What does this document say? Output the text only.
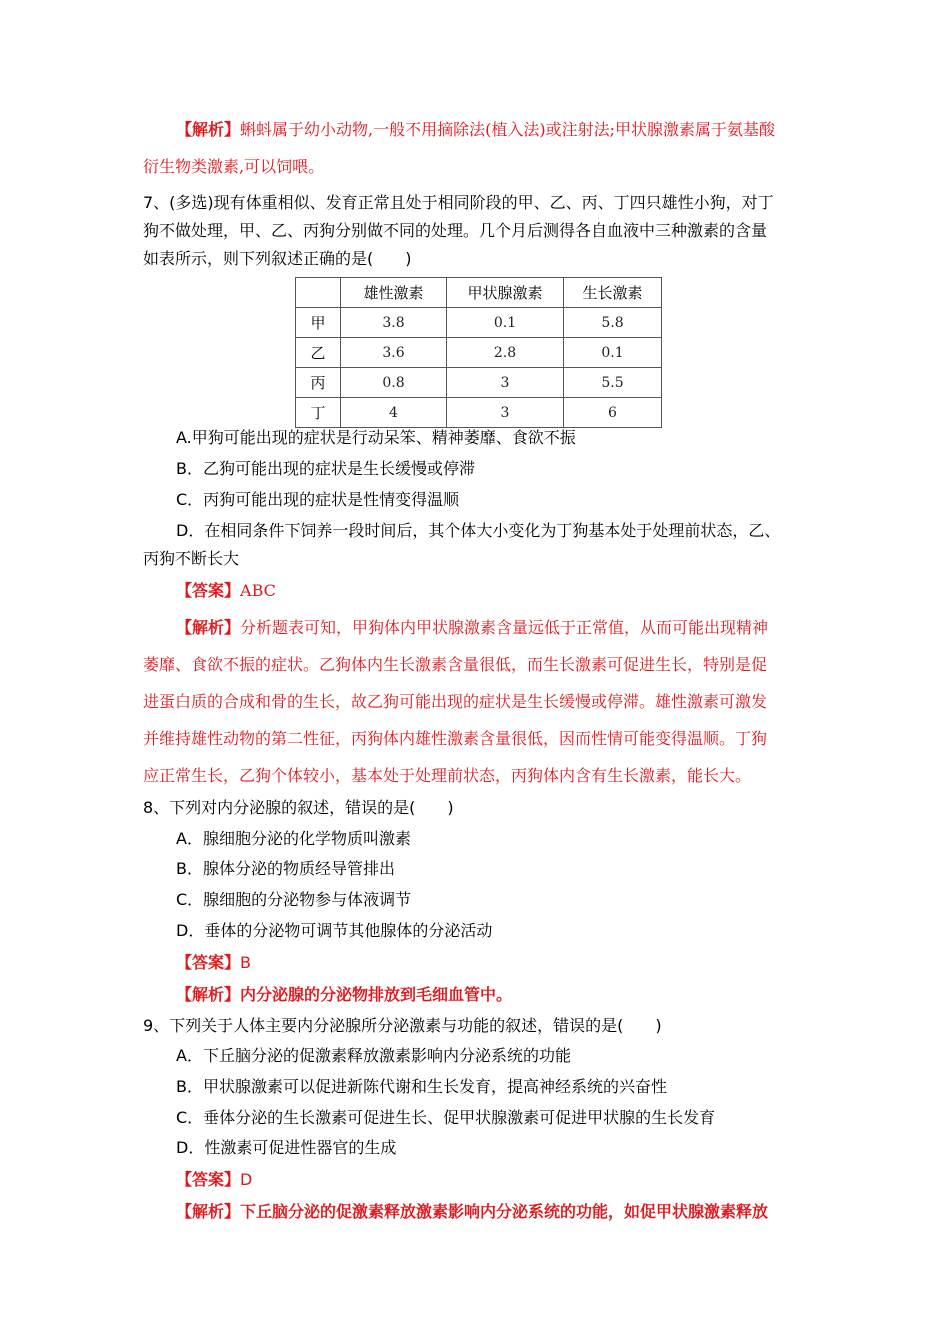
【解析】蝌蚪属于幼小动物,一般不用摘除法(植入法)或注射法;甲状腺激素属于氨基酸
衍生物类激素,可以饲喂。
7、(多选)现有体重相似、发育正常且处于相同阶段的甲、乙、丙、丁四只雄性小狗，对丁
狗不做处理，甲、乙、丙狗分别做不同的处理。几个月后测得各自血液中三种激素的含量
如表所示，则下列叙述正确的是(　　)
	雄性激素	甲状腺激素	生长激素
甲	3.8	0.1	5.8
乙	3.6	2.8	0.1
丙	0.8	3	5.5
丁	4	3	6
A.甲狗可能出现的症状是行动呆笨、精神萎靡、食欲不振
B．乙狗可能出现的症状是生长缓慢或停滞
C．丙狗可能出现的症状是性情变得温顺
D．在相同条件下饲养一段时间后，其个体大小变化为丁狗基本处于处理前状态，乙、
丙狗不断长大
【答案】ABC
【解析】分析题表可知，甲狗体内甲状腺激素含量远低于正常值，从而可能出现精神
萎靡、食欲不振的症状。乙狗体内生长激素含量很低，而生长激素可促进生长，特别是促
进蛋白质的合成和骨的生长，故乙狗可能出现的症状是生长缓慢或停滞。雄性激素可激发
并维持雄性动物的第二性征，丙狗体内雄性激素含量很低，因而性情可能变得温顺。丁狗
应正常生长，乙狗个体较小，基本处于处理前状态，丙狗体内含有生长激素，能长大。
8、下列对内分泌腺的叙述，错误的是(　　)
A．腺细胞分泌的化学物质叫激素
B．腺体分泌的物质经导管排出
C．腺细胞的分泌物参与体液调节
D．垂体的分泌物可调节其他腺体的分泌活动
【答案】B
【解析】内分泌腺的分泌物排放到毛细血管中。
9、下列关于人体主要内分泌腺所分泌激素与功能的叙述，错误的是(　　)
A．下丘脑分泌的促激素释放激素影响内分泌系统的功能
B．甲状腺激素可以促进新陈代谢和生长发育，提高神经系统的兴奋性
C．垂体分泌的生长激素可促进生长、促甲状腺激素可促进甲状腺的生长发育
D．性激素可促进性器官的生成
【答案】D
【解析】下丘脑分泌的促激素释放激素影响内分泌系统的功能，如促甲状腺激素释放
